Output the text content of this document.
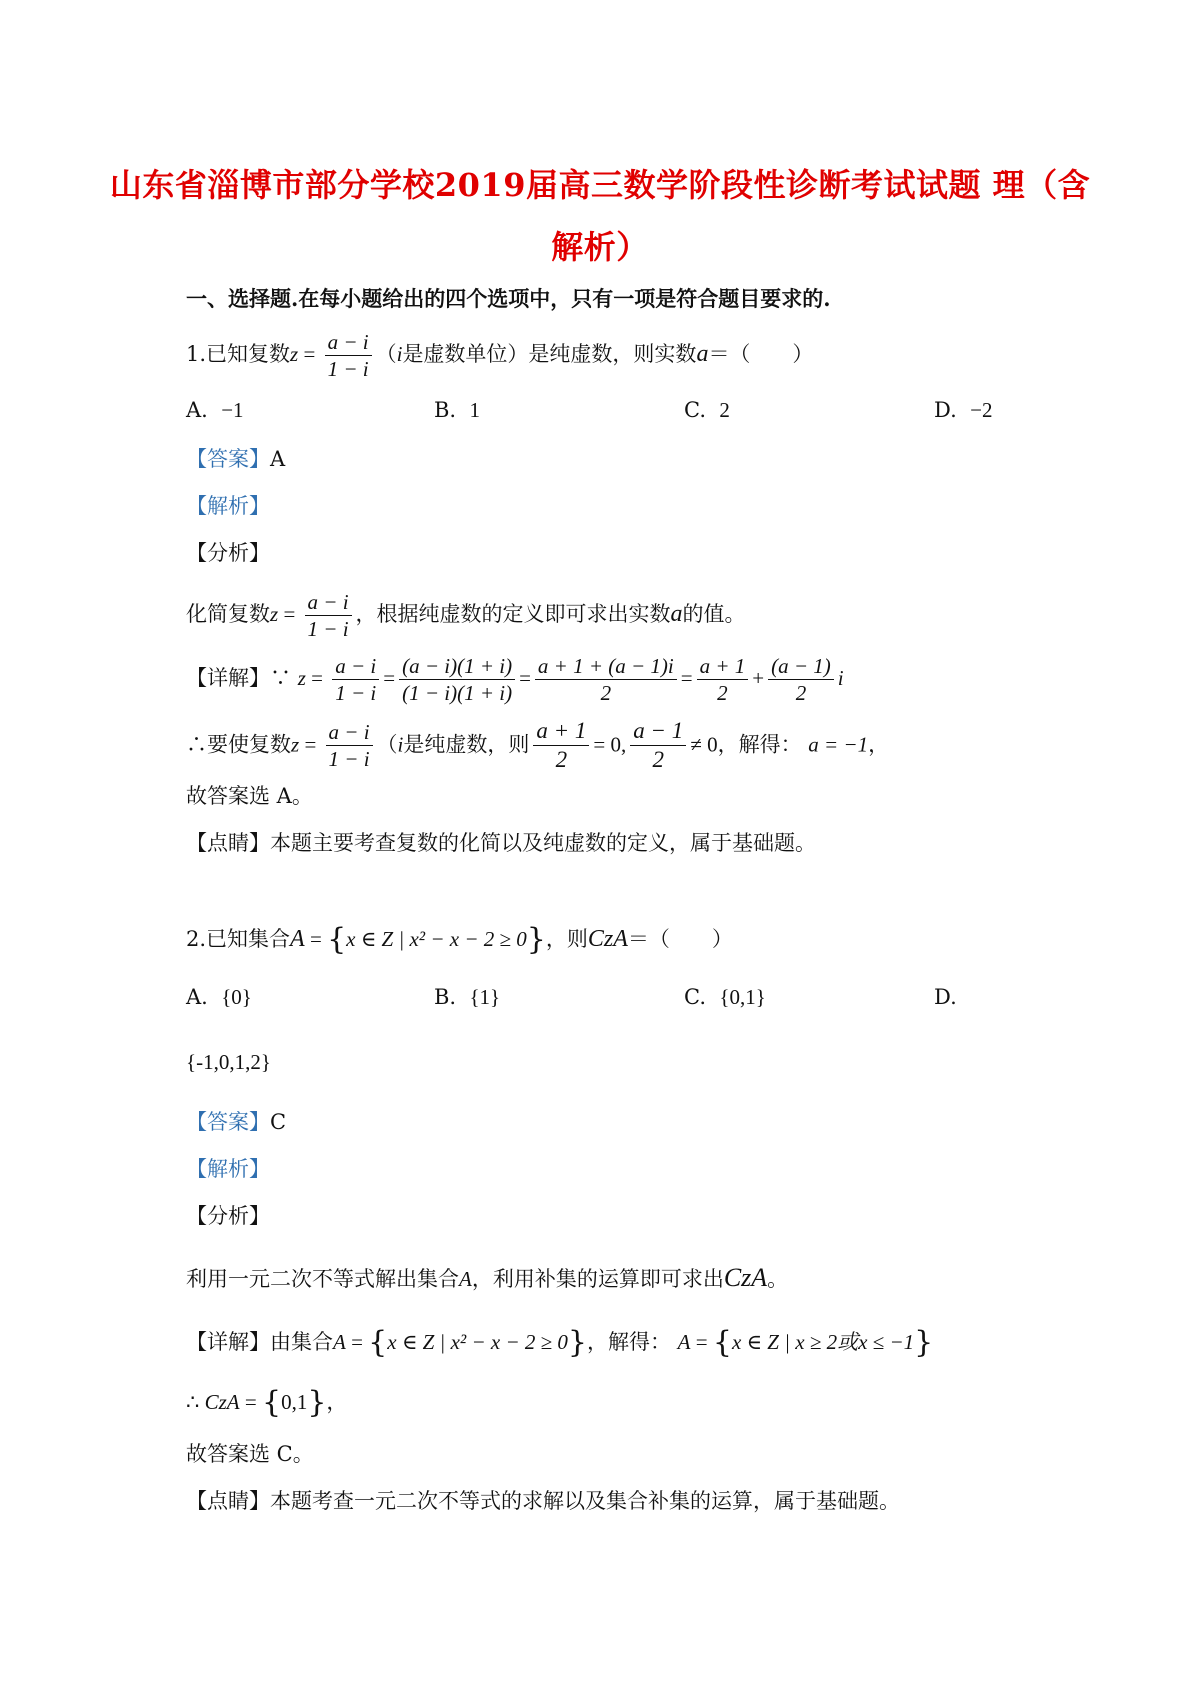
山东省淄博市部分学校2019届高三数学阶段性诊断考试试题 理（含
解析）
一、选择题.在每小题给出的四个选项中，只有一项是符合题目要求的.
1.已知复数$z = \frac{a - i}{1 - i} (i$是虚数单位）是纯虚数，则实数a＝（　　）
A. −1	B. 1	C. 2	D. −2
【答案】A
【解析】
【分析】
化简复数$z = \frac{a - i}{1 - i}$ ，根据纯虚数的定义即可求出实数a的值。
【详解】∵ $z = \frac{a - i}{1 - i} = \frac{(a - i)(1 + i)}{(1 - i)(1 + i)} = \frac{a + 1 + (a - 1)i}{2} = \frac{a + 1}{2} + \frac{(a - 1)}{2}$ i
∴要使复数$z = \frac{a - i}{1 - i} (i$是纯虚数，则 $\frac{a + 1}{2} = 0$, $\frac{a - 1}{2} \ne 0$，解得： a = −1，
故答案选 A。
【点睛】本题主要考查复数的化简以及纯虚数的定义，属于基础题。
2.已知集合A = {x ∈ Z | x² − x − 2 ≥ 0}，则CzA＝（　　）
A. {0}	B. {1}	C. {0,1}	D.
{-1,0,1,2}
【答案】C
【解析】
【分析】
利用一元二次不等式解出集合A，利用补集的运算即可求出CzA。
【详解】由集合A = {x ∈ Z | x² − x − 2 ≥ 0}，解得： A = {x ∈ Z | x ≥ 2或x ≤ −1}
∴ CzA = {0,1}，
故答案选 C。
【点睛】本题考查一元二次不等式的求解以及集合补集的运算，属于基础题。
